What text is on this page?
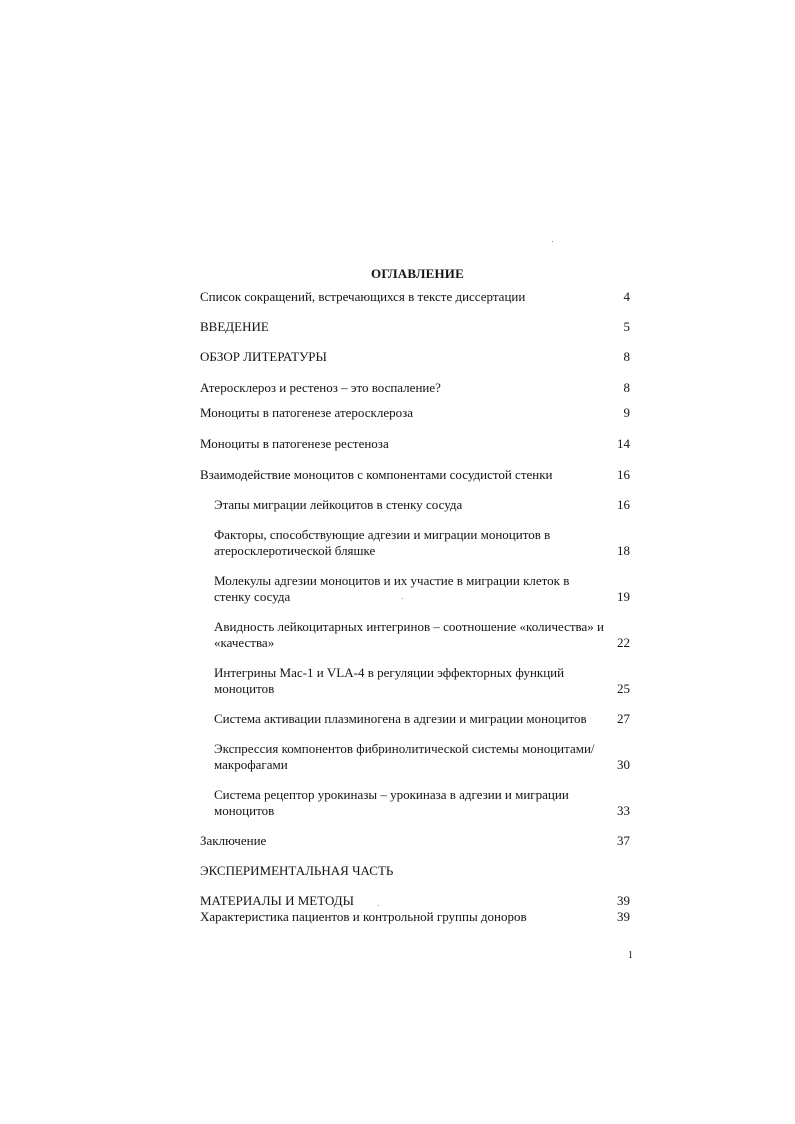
ОГЛАВЛЕНИЕ
Список сокращений, встречающихся в тексте диссертации	4
ВВЕДЕНИЕ	5
ОБЗОР ЛИТЕРАТУРЫ	8
Атеросклероз и рестеноз – это воспаление?	8
Моноциты в патогенезе атеросклероза	9
Моноциты в патогенезе рестеноза	14
Взаимодействие моноцитов с компонентами сосудистой стенки	16
Этапы миграции лейкоцитов в стенку сосуда	16
Факторы, способствующие адгезии и миграции моноцитов в атеросклеротической бляшке	18
Молекулы адгезии моноцитов и их участие в миграции клеток в стенку сосуда	19
Авидность лейкоцитарных интегринов – соотношение «количества» и «качества»	22
Интегрины Mac-1 и VLA-4 в регуляции эффекторных функций моноцитов	25
Система активации плазминогена в адгезии и миграции моноцитов	27
Экспрессия компонентов фибринолитической системы моноцитами/макрофагами	30
Система рецептор урокиназы – урокиназа в адгезии и миграции моноцитов	33
Заключение	37
ЭКСПЕРИМЕНТАЛЬНАЯ ЧАСТЬ
МАТЕРИАЛЫ И МЕТОДЫ	39
Характеристика пациентов и контрольной группы доноров	39
1
